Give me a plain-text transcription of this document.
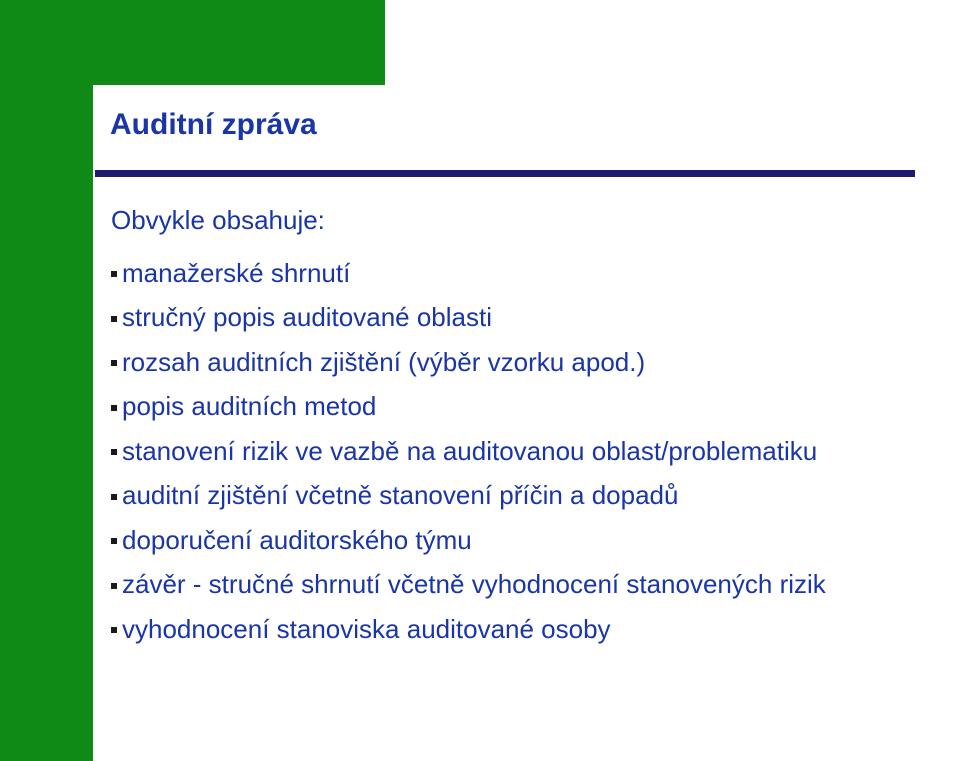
Auditní zpráva
Obvykle obsahuje:
manažerské shrnutí
stručný popis auditované oblasti
rozsah auditních zjištění (výběr vzorku apod.)
popis auditních metod
stanovení rizik ve vazbě na auditovanou oblast/problematiku
auditní zjištění včetně stanovení příčin a dopadů
doporučení auditorského týmu
závěr - stručné shrnutí včetně vyhodnocení stanovených rizik
vyhodnocení stanoviska auditované osoby
